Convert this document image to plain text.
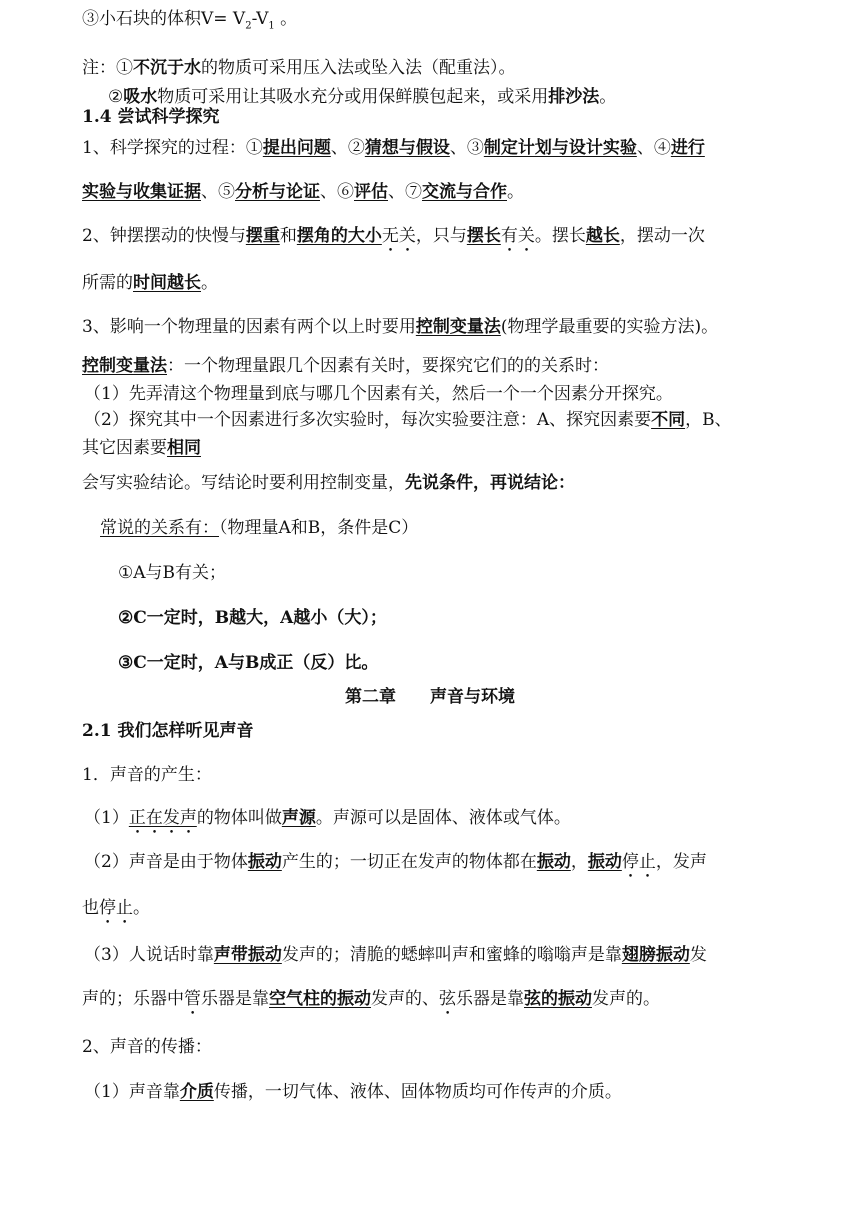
③小石块的体积$V= V_2-V_1$ 。
注：①不沉于水的物质可采用压入法或坠入法（配重法）。
②吸水物质可采用让其吸水充分或用保鲜膜包起来，或采用排沙法。
1.4 尝试科学探究
1、科学探究的过程：①提出问题、②猜想与假设、③制定计划与设计实验、④进行
实验与收集证据、⑤分析与论证、⑥评估、⑦交流与合作。
2、钟摆摆动的快慢与摆重和摆角的大小无关，只与摆长有关。摆长越长，摆动一次
所需的时间越长。
3、影响一个物理量的因素有两个以上时要用控制变量法(物理学最重要的实验方法)。
控制变量法：一个物理量跟几个因素有关时，要探究它们的的关系时：
（1）先弄清这个物理量到底与哪几个因素有关，然后一个一个因素分开探究。
（2）探究其中一个因素进行多次实验时，每次实验要注意：A、探究因素要不同，B、
其它因素要相同
会写实验结论。写结论时要利用控制变量，先说条件，再说结论：
常说的关系有：（物理量A和B，条件是C）
①A与B有关；
②C一定时，B越大，A越小（大）；
③C一定时，A与B成正（反）比。
第二章　　声音与环境
2.1 我们怎样听见声音
1．声音的产生：
（1）正在发声的物体叫做声源。声源可以是固体、液体或气体。
（2）声音是由于物体振动产生的；一切正在发声的物体都在振动，振动停止，发声
也停止。
（3）人说话时靠声带振动发声的；清脆的蟋蟀叫声和蜜蜂的嗡嗡声是靠翅膀振动发
声的；乐器中管乐器是靠空气柱的振动发声的、弦乐器是靠弦的振动发声的。
2、声音的传播：
（1）声音靠介质传播，一切气体、液体、固体物质均可作传声的介质。
